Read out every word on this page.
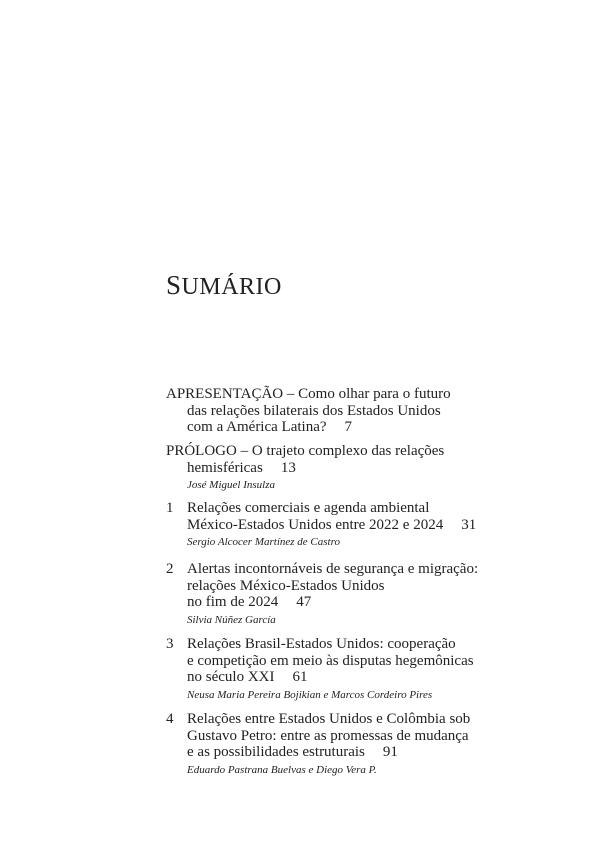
SUMÁRIO
APRESENTAÇÃO – Como olhar para o futuro
das relações bilaterais dos Estados Unidos
com a América Latina? 7
PRÓLOGO – O trajeto complexo das relações
hemisféricas 13
José Miguel Insulza
1 Relações comerciais e agenda ambiental
México-Estados Unidos entre 2022 e 2024 31
Sergio Alcocer Martínez de Castro
2 Alertas incontornáveis de segurança e migração:
relações México-Estados Unidos
no fim de 2024 47
Silvia Núñez García
3 Relações Brasil-Estados Unidos: cooperação
e competição em meio às disputas hegemônicas
no século XXI 61
Neusa Maria Pereira Bojikian e Marcos Cordeiro Pires
4 Relações entre Estados Unidos e Colômbia sob
Gustavo Petro: entre as promessas de mudança
e as possibilidades estruturais 91
Eduardo Pastrana Buelvas e Diego Vera P.
